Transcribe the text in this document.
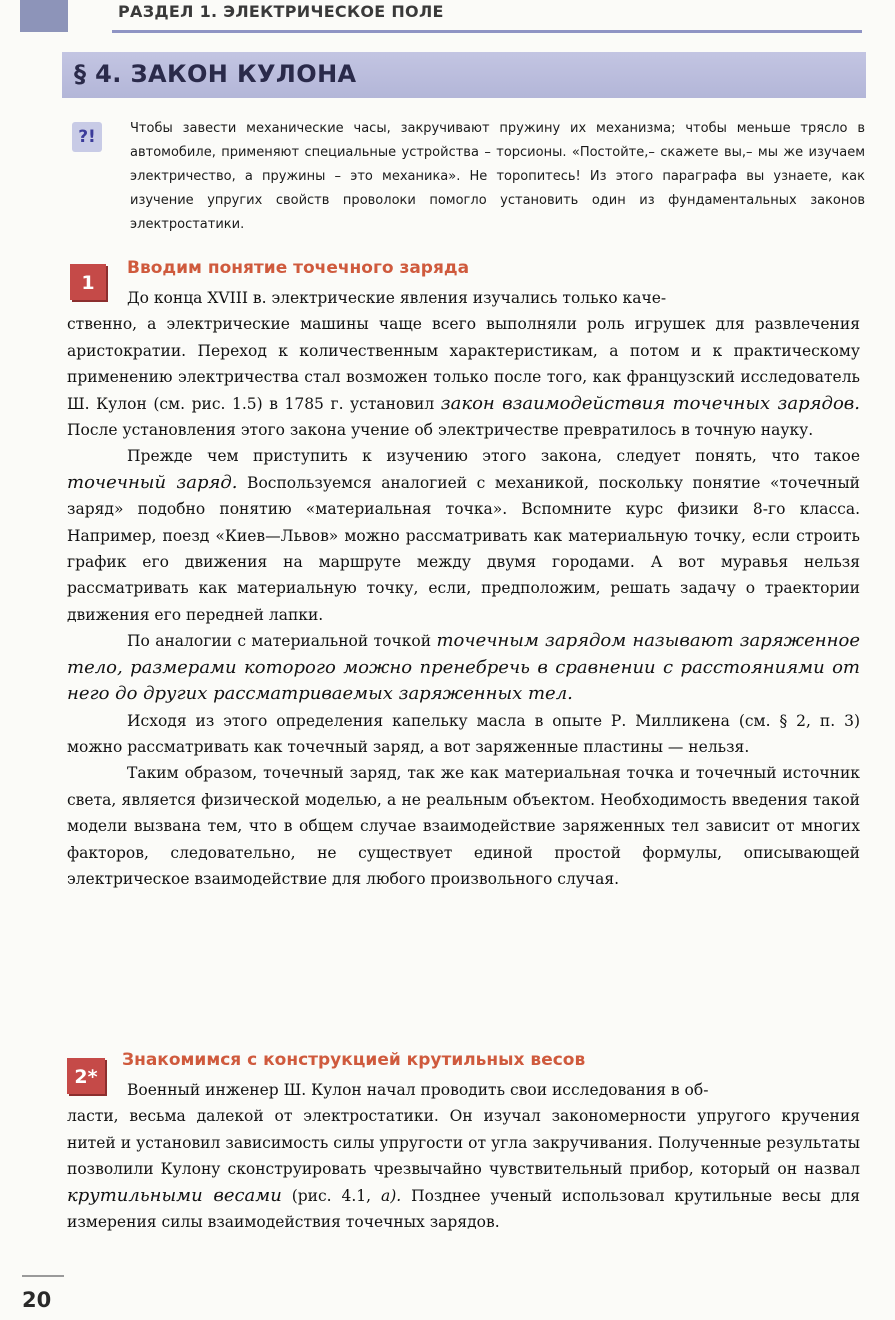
РАЗДЕЛ 1. ЭЛЕКТРИЧЕСКОЕ ПОЛЕ
§ 4. ЗАКОН КУЛОНА
?!	Чтобы завести механические часы, закручивают пружину их механизма; чтобы меньше трясло в автомобиле, применяют специальные устройства – торсионы. «Постойте,– скажете вы,– мы же изучаем электричество, а пружины – это механика». Не торопитесь! Из этого параграфа вы узнаете, как изучение упругих свойств проволоки помогло установить один из фундаментальных законов электростатики.
1
Вводим понятие точечного заряда

До конца XVIII в. электрические явления изучались только каче-
ственно, а электрические машины чаще всего выполняли роль игрушек для развлечения аристократии. Переход к количественным характеристикам, а потом и к практическому применению электричества стал возможен только после того, как французский исследователь Ш. Кулон (см. рис. 1.5) в 1785 г. установил закон взаимодействия точечных зарядов. После установления этого закона учение об электричестве превратилось в точную науку.

Прежде чем приступить к изучению этого закона, следует понять, что такое точечный заряд. Воспользуемся аналогией с механикой, поскольку понятие «точечный заряд» подобно понятию «материальная точка». Вспомните курс физики 8-го класса. Например, поезд «Киев—Львов» можно рассматривать как материальную точку, если строить график его движения на маршруте между двумя городами. А вот муравья нельзя рассматривать как материальную точку, если, предположим, решать задачу о траектории движения его передней лапки.

По аналогии с материальной точкой точечным зарядом называют заряженное тело, размерами которого можно пренебречь в сравнении с расстояниями от него до других рассматриваемых заряженных тел.

Исходя из этого определения капельку масла в опыте Р. Милликена (см. § 2, п. 3) можно рассматривать как точечный заряд, а вот заряженные пластины — нельзя.

Таким образом, точечный заряд, так же как материальная точка и точечный источник света, является физической моделью, а не реальным объектом. Необходимость введения такой модели вызвана тем, что в общем случае взаимодействие заряженных тел зависит от многих факторов, следовательно, не существует единой простой формулы, описывающей электрическое взаимодействие для любого произвольного случая.

2*
Знакомимся с конструкцией крутильных весов

Военный инженер Ш. Кулон начал проводить свои исследования в об-
ласти, весьма далекой от электростатики. Он изучал закономерности упругого кручения нитей и установил зависимость силы упругости от угла закручивания. Полученные результаты позволили Кулону сконструировать чрезвычайно чувствительный прибор, который он назвал крутильными весами (рис. 4.1, а). Позднее ученый использовал крутильные весы для измерения силы взаимодействия точечных зарядов.

20
